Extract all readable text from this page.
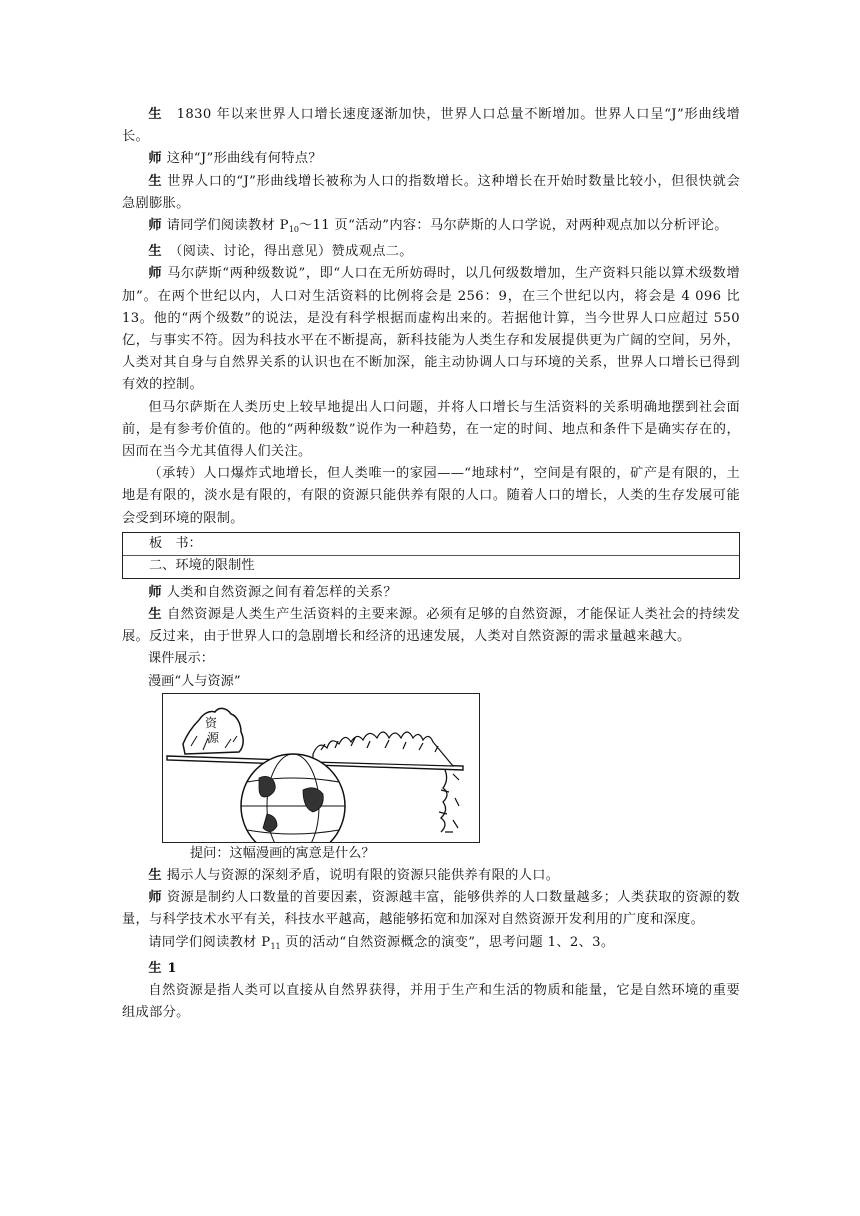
生　1830 年以来世界人口增长速度逐渐加快，世界人口总量不断增加。世界人口呈“J”形曲线增长。

师 这种“J”形曲线有何特点？

生 世界人口的“J”形曲线增长被称为人口的指数增长。这种增长在开始时数量比较小，但很快就会急剧膨胀。

师 请同学们阅读教材 $P_{10}\sim 11$ 页“活动”内容：马尔萨斯的人口学说，对两种观点加以分析评论。

生　 （阅读、讨论，得出意见）赞成观点二。

师 马尔萨斯“两种级数说”，即“人口在无所妨碍时，以几何级数增加，生产资料只能以算术级数增加”。在两个世纪以内，人口对生活资料的比例将会是 256：9，在三个世纪以内，将会是 4 096 比 13。他的“两个级数”的说法，是没有科学根据而虚构出来的。若据他计算，当今世界人口应超过 550 亿，与事实不符。因为科技水平在不断提高，新科技能为人类生存和发展提供更为广阔的空间，另外，人类对其自身与自然界关系的认识也在不断加深，能主动协调人口与环境的关系，世界人口增长已得到有效的控制。

但马尔萨斯在人类历史上较早地提出人口问题，并将人口增长与生活资料的关系明确地摆到社会面前，是有参考价值的。他的“两种级数”说作为一种趋势，在一定的时间、地点和条件下是确实存在的，因而在当今尤其值得人们关注。

（承转）人口爆炸式地增长，但人类唯一的家园——“地球村”，空间是有限的，矿产是有限的，土地是有限的，淡水是有限的，有限的资源只能供养有限的人口。随着人口的增长，人类的生存发展可能会受到环境的限制。

板　书：
二、环境的限制性

师 人类和自然资源之间有着怎样的关系？

生 自然资源是人类生产生活资料的主要来源。必须有足够的自然资源，才能保证人类社会的持续发展。反过来，由于世界人口的急剧增长和经济的迅速发展，人类对自然资源的需求量越来越大。

课件展示：
漫画“人与资源”
资
源
提问：这幅漫画的寓意是什么？

生 揭示人与资源的深刻矛盾，说明有限的资源只能供养有限的人口。

师 资源是制约人口数量的首要因素，资源越丰富，能够供养的人口数量越多；人类获取的资源的数量，与科学技术水平有关，科技水平越高，越能够拓宽和加深对自然资源开发利用的广度和深度。

请同学们阅读教材 $P_{11}$ 页的活动“自然资源概念的演变”，思考问题 1、2、3。

生 1

自然资源是指人类可以直接从自然界获得，并用于生产和生活的物质和能量，它是自然环境的重要组成部分。
